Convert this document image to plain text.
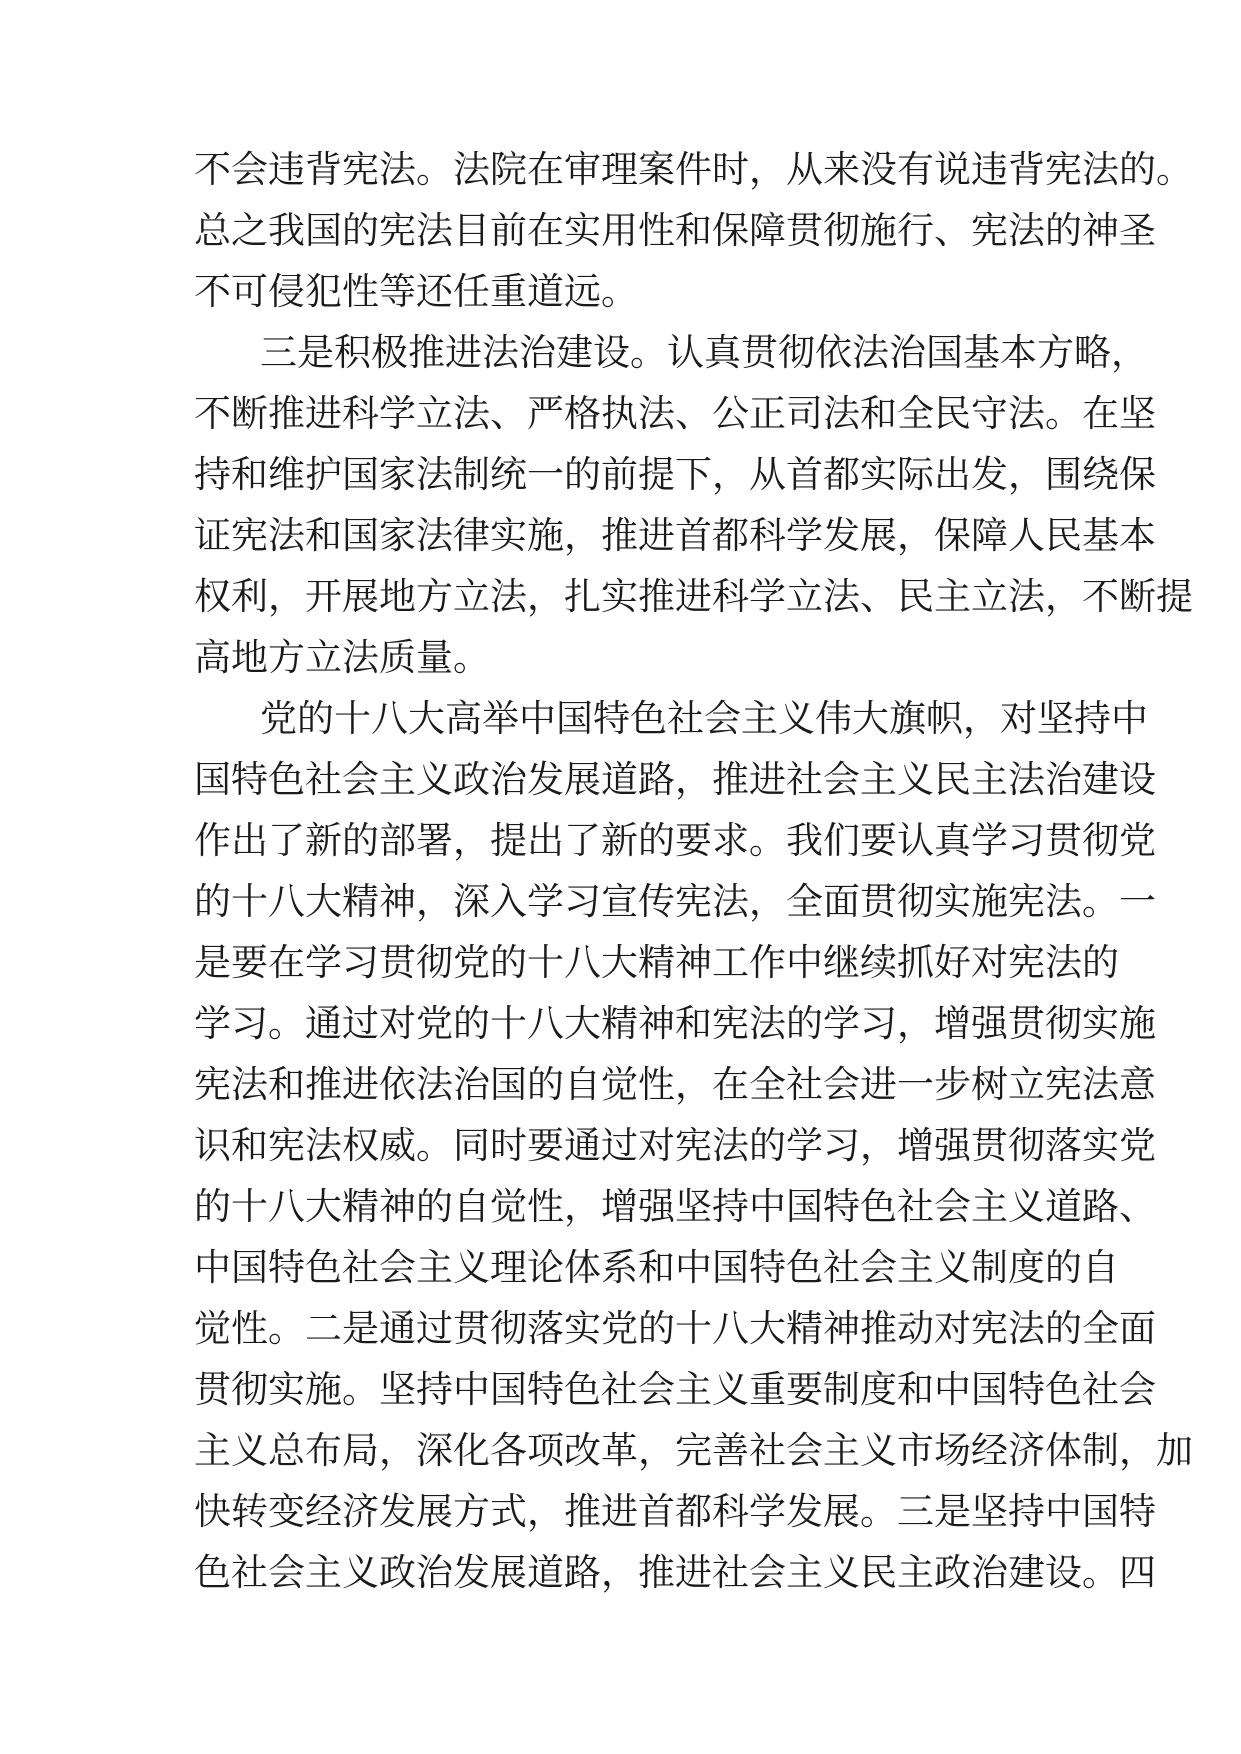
不 会 违 背 宪 法 。 法 院 在 审 理 案 件 时 ， 从 来 没 有 说 违 背 宪 法 的 。
总 之 我 国 的 宪 法 目 前 在 实 用 性 和 保 障 贯 彻 施 行 、 宪 法 的 神 圣
不可侵犯性等还任重道远。
三 是 积 极 推 进 法 治 建 设 。 认 真 贯 彻 依 法 治 国 基 本 方 略 ，
不 断 推 进 科 学 立 法 、 严 格 执 法 、 公 正 司 法 和 全 民 守 法 。 在 坚
持 和 维 护 国 家 法 制 统 一 的 前 提 下 ， 从 首 都 实 际 出 发 ， 围 绕 保
证 宪 法 和 国 家 法 律 实 施 ， 推 进 首 都 科 学 发 展 ， 保 障 人 民 基 本
权 利 ， 开 展 地 方 立 法 ， 扎 实 推 进 科 学 立 法 、 民 主 立 法 ， 不 断 提
高地方立法质量。
党 的 十 八 大 高 举 中 国 特 色 社 会 主 义 伟 大 旗 帜 ， 对 坚 持 中
国 特 色 社 会 主 义 政 治 发 展 道 路 ， 推 进 社 会 主 义 民 主 法 治 建 设
作 出 了 新 的 部 署 ， 提 出 了 新 的 要 求 。 我 们 要 认 真 学 习 贯 彻 党
的 十 八 大 精 神 ， 深 入 学 习 宣 传 宪 法 ， 全 面 贯 彻 实 施 宪 法 。 一
是 要 在 学 习 贯 彻 党 的 十 八 大 精 神 工 作 中 继 续 抓 好 对 宪 法 的
学 习 。 通 过 对 党 的 十 八 大 精 神 和 宪 法 的 学 习 ， 增 强 贯 彻 实 施
宪 法 和 推 进 依 法 治 国 的 自 觉 性 ， 在 全 社 会 进 一 步 树 立 宪 法 意
识 和 宪 法 权 威 。 同 时 要 通 过 对 宪 法 的 学 习 ， 增 强 贯 彻 落 实 党
的 十 八 大 精 神 的 自 觉 性 ， 增 强 坚 持 中 国 特 色 社 会 主 义 道 路 、
中 国 特 色 社 会 主 义 理 论 体 系 和 中 国 特 色 社 会 主 义 制 度 的 自
觉 性 。 二 是 通 过 贯 彻 落 实 党 的 十 八 大 精 神 推 动 对 宪 法 的 全 面
贯 彻 实 施 。 坚 持 中 国 特 色 社 会 主 义 重 要 制 度 和 中 国 特 色 社 会
主 义 总 布 局 ， 深 化 各 项 改 革 ， 完 善 社 会 主 义 市 场 经 济 体 制 ， 加
快 转 变 经 济 发 展 方 式 ， 推 进 首 都 科 学 发 展 。 三 是 坚 持 中 国 特
色 社 会 主 义 政 治 发 展 道 路 ， 推 进 社 会 主 义 民 主 政 治 建 设 。 四
